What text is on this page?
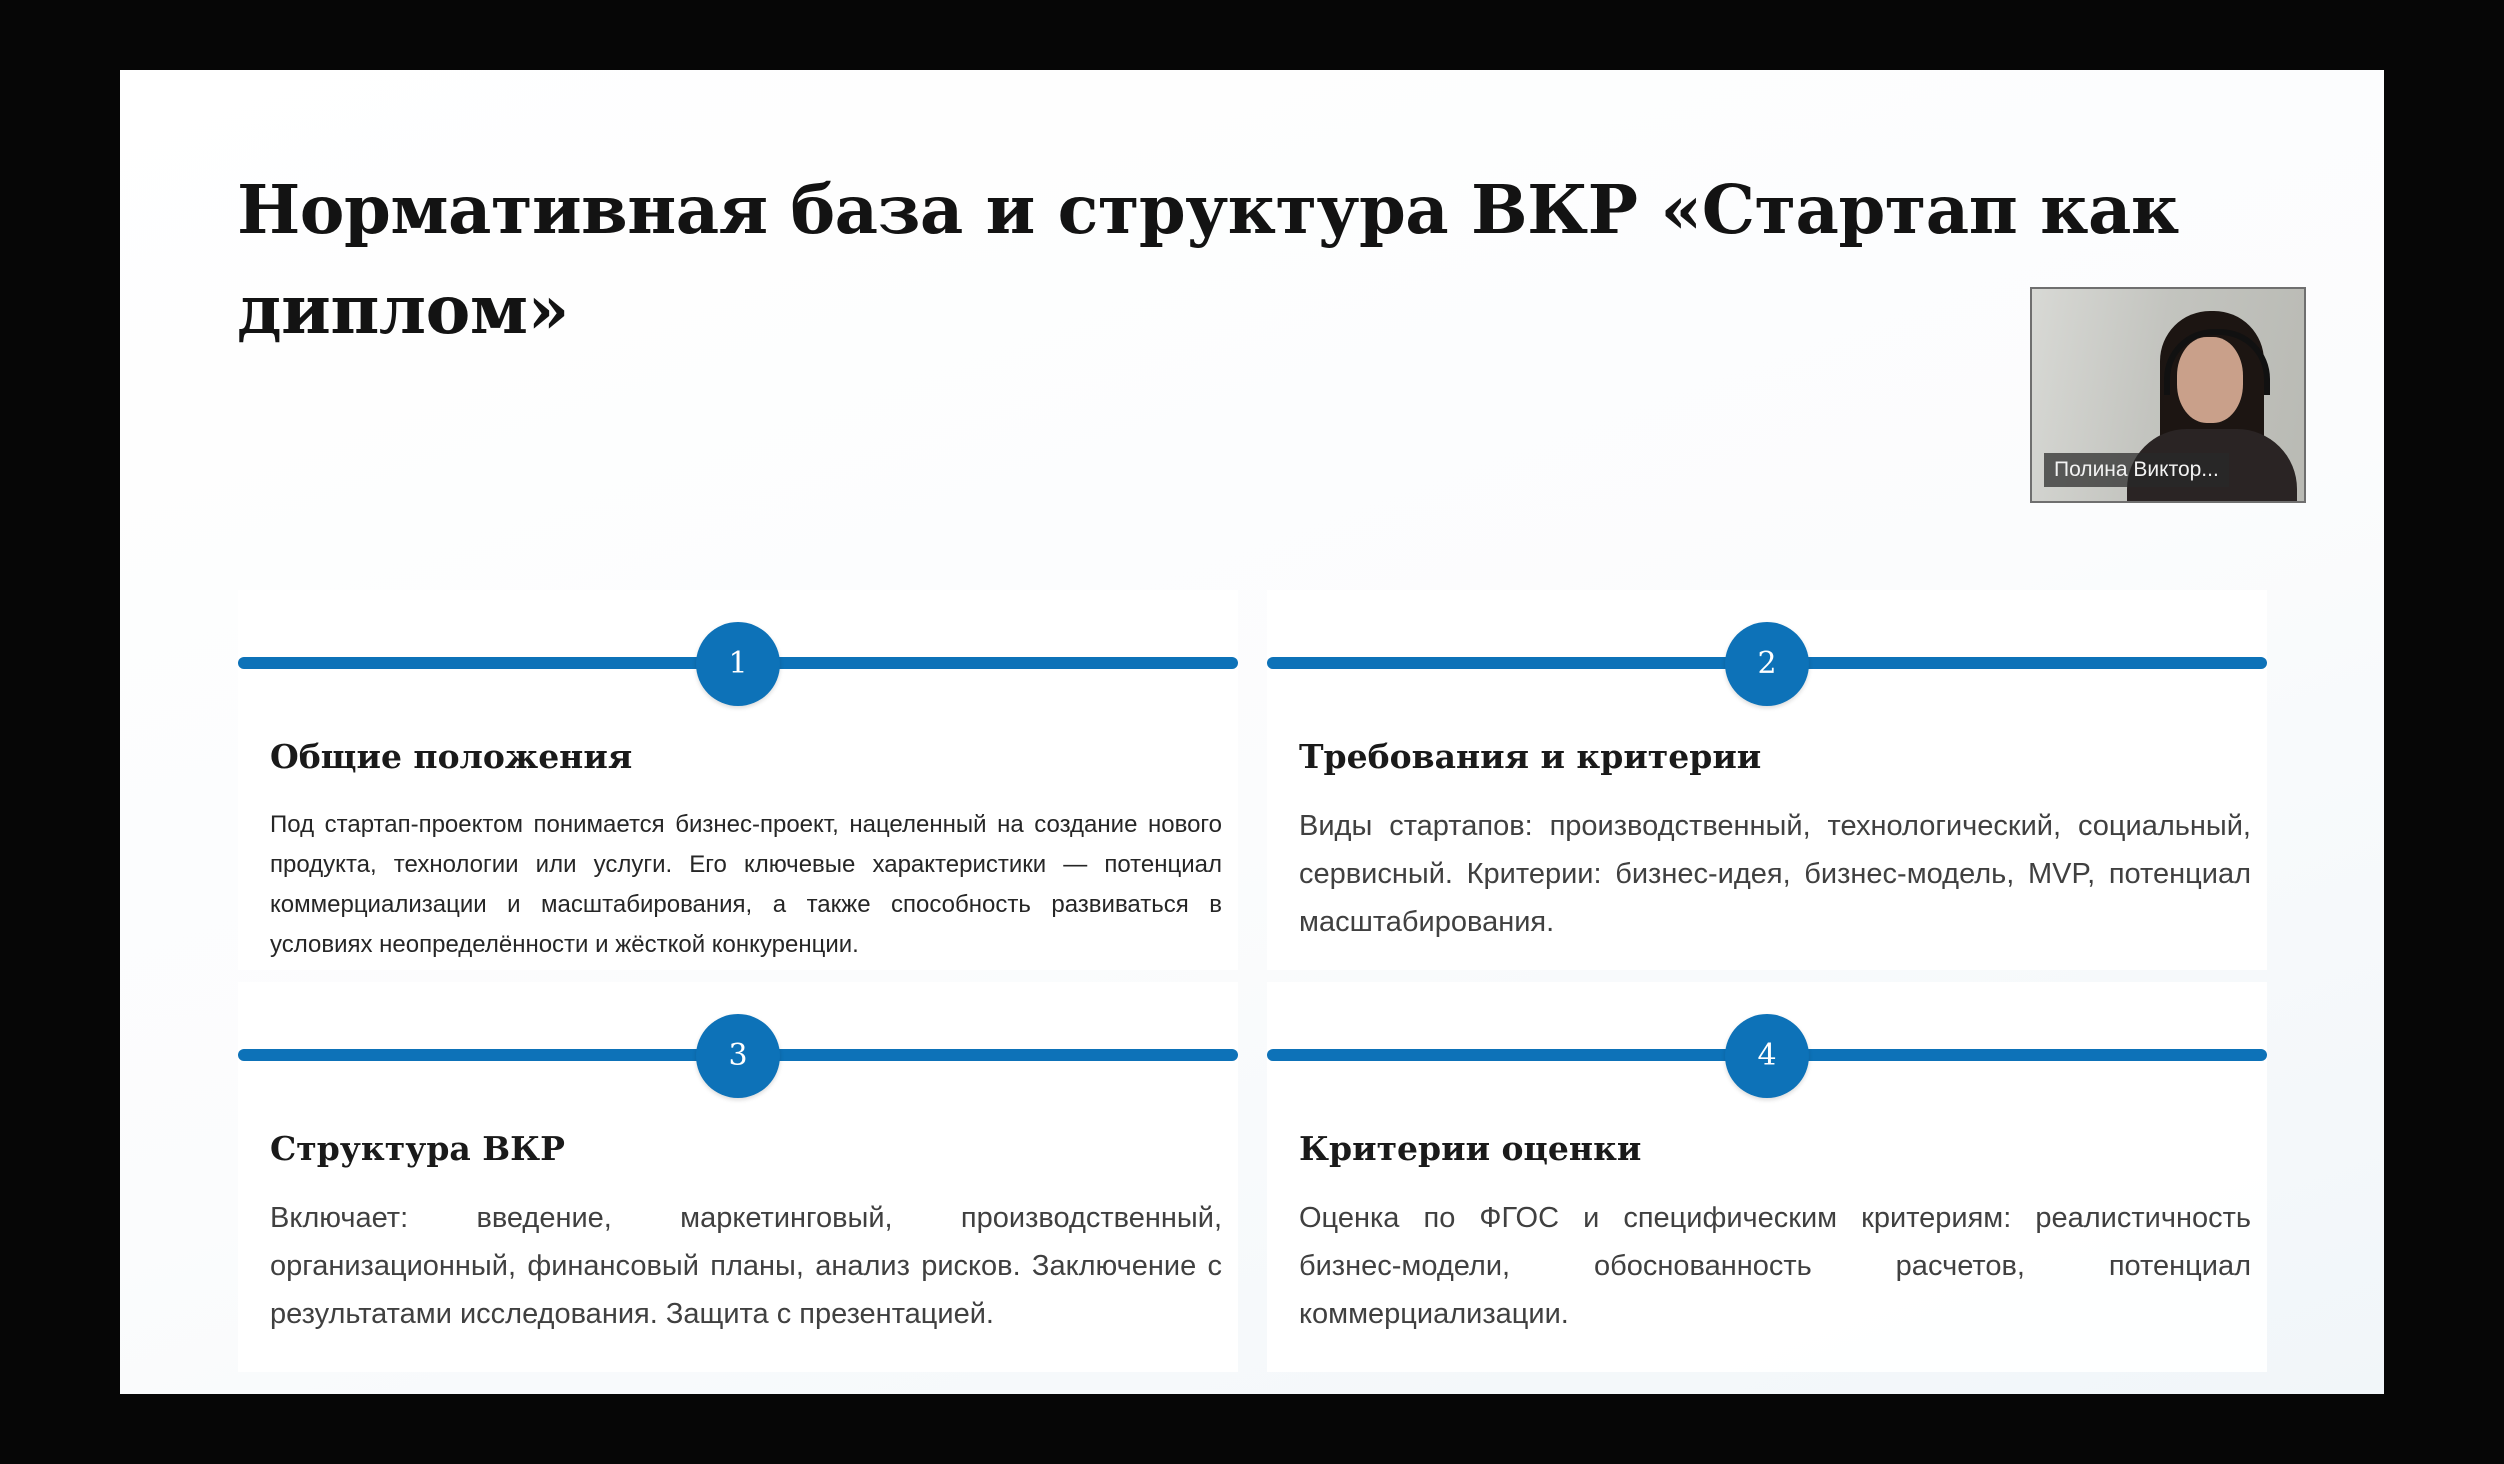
Нормативная база и структура ВКР «Стартап как диплом»
1
Общие положения

Под стартап-проектом понимается бизнес-проект, нацеленный на создание нового продукта, технологии или услуги. Его ключевые характеристики — потенциал коммерциализации и масштабирования, а также способность развиваться в условиях неопределённости и жёсткой конкуренции.

2
Требования и критерии

Виды стартапов: производственный, технологический, социальный, сервисный. Критерии: бизнес-идея, бизнес-модель, MVP, потенциал масштабирования.

3
Структура ВКР

Включает: введение, маркетинговый, производственный, организационный, финансовый планы, анализ рисков. Заключение с результатами исследования. Защита с презентацией.

4
Критерии оценки

Оценка по ФГОС и специфическим критериям: реалистичность бизнес-модели, обоснованность расчетов, потенциал коммерциализации.

Полина Виктор...
